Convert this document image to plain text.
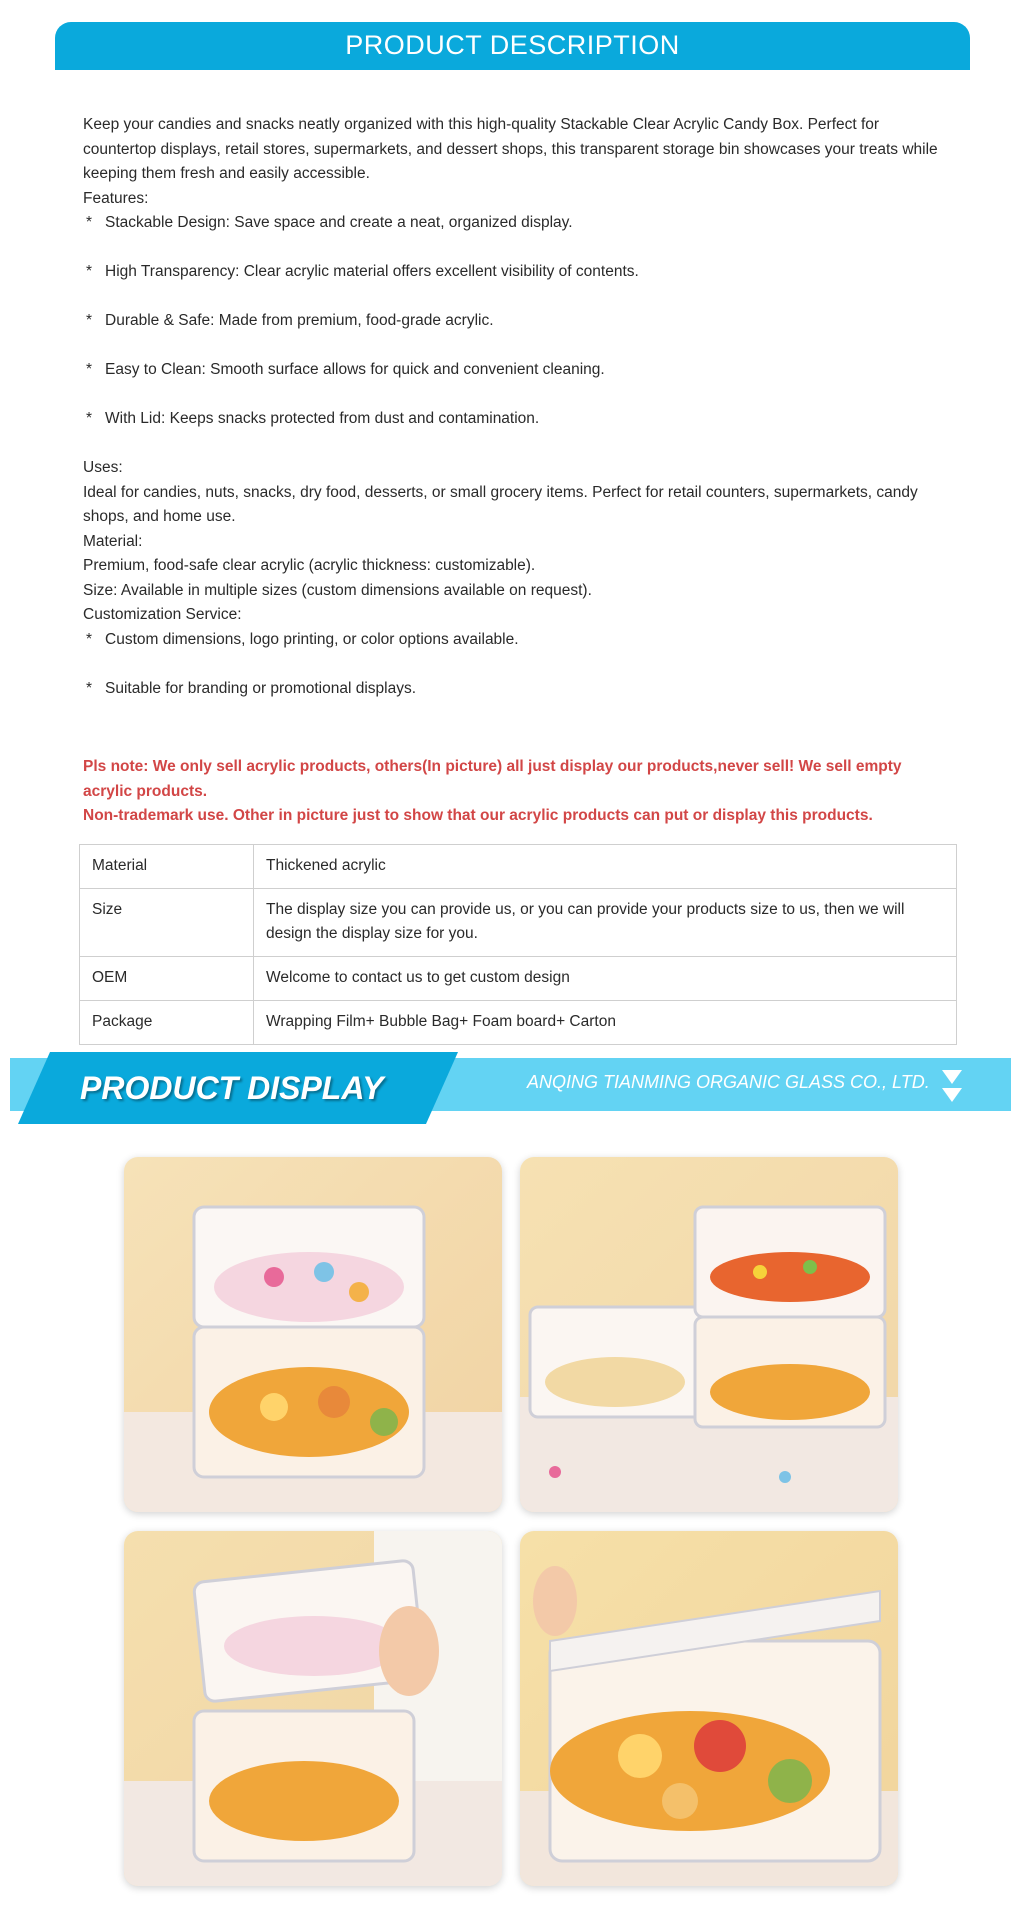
PRODUCT DESCRIPTION

Keep your candies and snacks neatly organized with this high-quality Stackable Clear Acrylic Candy Box. Perfect for countertop displays, retail stores, supermarkets, and dessert shops, this transparent storage bin showcases your treats while keeping them fresh and easily accessible.

Features:

* Stackable Design: Save space and create a neat, organized display.
* High Transparency: Clear acrylic material offers excellent visibility of contents.
* Durable & Safe: Made from premium, food-grade acrylic.
* Easy to Clean: Smooth surface allows for quick and convenient cleaning.
* With Lid: Keeps snacks protected from dust and contamination.

Uses:

Ideal for candies, nuts, snacks, dry food, desserts, or small grocery items. Perfect for retail counters, supermarkets, candy shops, and home use.

Material:

Premium, food-safe clear acrylic (acrylic thickness: customizable).

Size: Available in multiple sizes (custom dimensions available on request).

Customization Service:

* Custom dimensions, logo printing, or color options available.
* Suitable for branding or promotional displays.

Pls note: We only sell acrylic products, others(In picture) all just display our products,never sell! We sell empty acrylic products.

Non-trademark use. Other in picture just to show that our acrylic products can put or display this products.

Material	Thickened acrylic
Size	The display size you can provide us, or you can provide your products size to us, then we will design the display size for you.
OEM	Welcome to contact us to get custom design
Package	Wrapping Film+ Bubble Bag+ Foam board+ Carton
PRODUCT DISPLAY	ANQING TIANMING ORGANIC GLASS CO., LTD.
